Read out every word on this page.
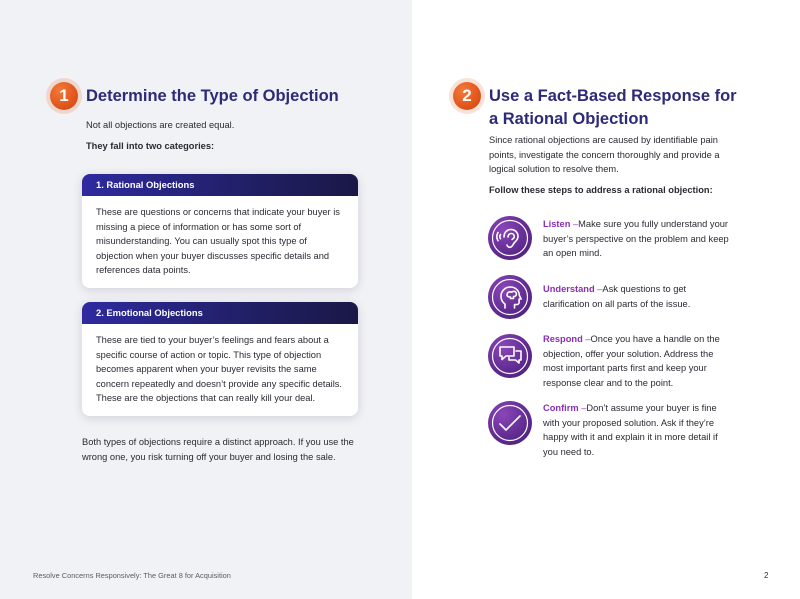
1	Determine the Type of Objection

Not all objections are created equal.

They fall into two categories:

1. Rational Objections
These are questions or concerns that indicate your buyer is missing a piece of information or has some sort of misunderstanding. You can usually spot this type of objection when your buyer discusses specific details and references data points.
2. Emotional Objections
These are tied to your buyer’s feelings and fears about a specific course of action or topic. This type of objection becomes apparent when your buyer revisits the same concern repeatedly and doesn’t provide any specific details. These are the objections that can really kill your deal.

Both types of objections require a distinct approach. If you use the wrong one, you risk turning off your buyer and losing the sale.

2	Use a Fact-Based Response for a Rational Objection

Since rational objections are caused by identifiable pain points, investigate the concern thoroughly and provide a logical solution to resolve them.

Follow these steps to address a rational objection:

Listen – Make sure you fully understand your buyer’s perspective on the problem and keep an open mind.

Understand – Ask questions to get clarification on all parts of the issue.

Respond – Once you have a handle on the objection, offer your solution. Address the most important parts first and keep your response clear and to the point.

Confirm – Don’t assume your buyer is fine with your proposed solution. Ask if they’re happy with it and explain it in more detail if you need to.

Resolve Concerns Responsively: The Great 8 for Acquisition	2
